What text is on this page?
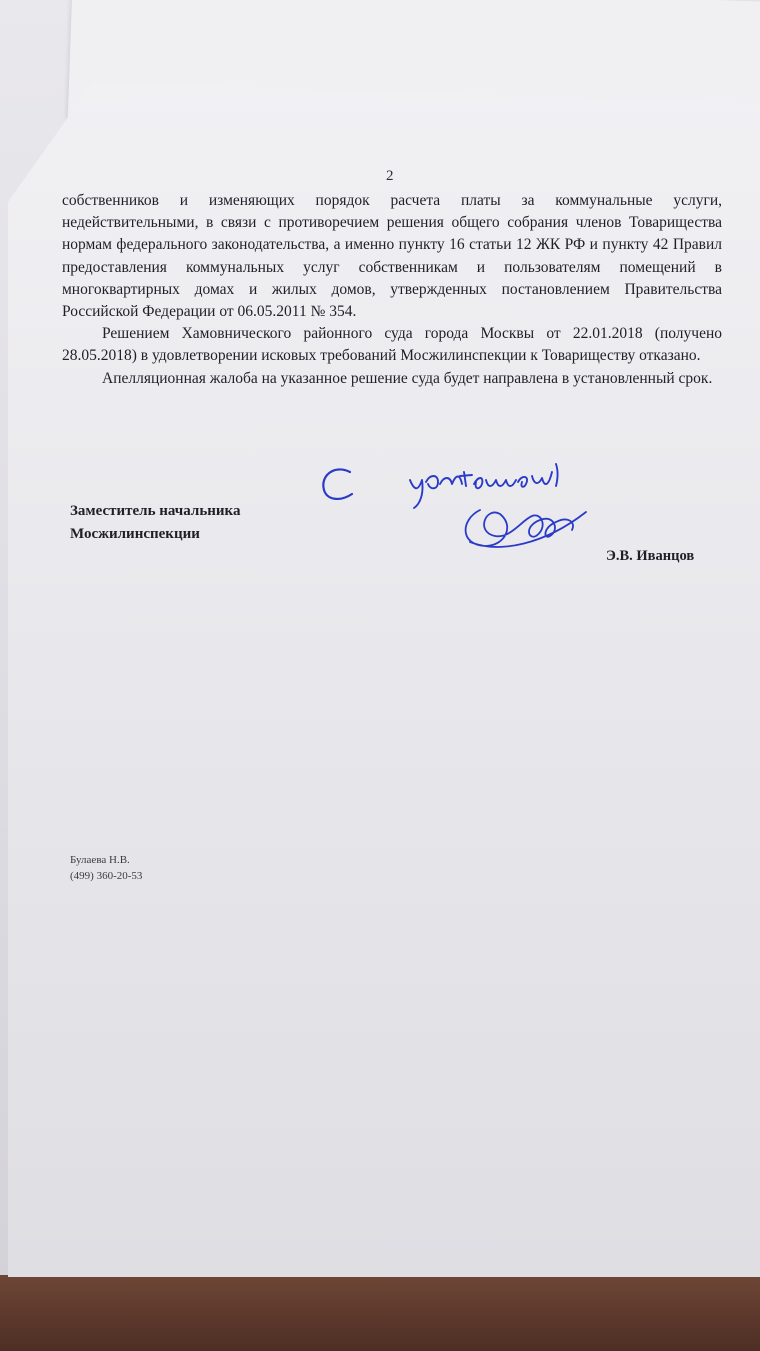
2

собственников и изменяющих порядок расчета платы за коммунальные услуги, недействительными, в связи с противоречием решения общего собрания членов Товарищества нормам федерального законодательства, а именно пункту 16 статьи 12 ЖК РФ и пункту 42 Правил предоставления коммунальных услуг собственникам и пользователям помещений в многоквартирных домах и жилых домов, утвержденных постановлением Правительства Российской Федерации от 06.05.2011 № 354.

Решением Хамовнического районного суда города Москвы от 22.01.2018 (получено 28.05.2018) в удовлетворении исковых требований Мосжилинспекции к Товариществу отказано.

Апелляционная жалоба на указанное решение суда будет направлена в установленный срок.

Заместитель начальника
Мосжилинспекции
Э.В. Иванцов
Булаева Н.В.
(499) 360-20-53
